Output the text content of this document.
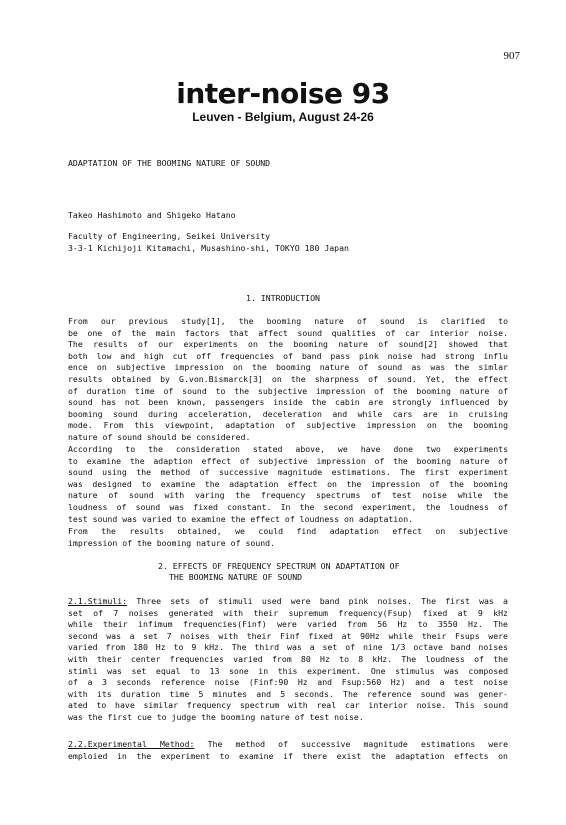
907
inter-noise 93
Leuven - Belgium, August 24-26
ADAPTATION OF THE BOOMING NATURE OF SOUND
Takeo Hashimoto and Shigeko Hatano
Faculty of Engineering, Seikei University
3-3-1 Kichijoji Kitamachi, Musashino-shi, TOKYO 180 Japan
1. INTRODUCTION
From our previous study[1], the booming nature of sound is clarified to
be one of the main factors that affect sound qualities of car interior noise.
The results of our experiments on the booming nature of sound[2] showed that
both low and high cut off frequencies of band pass pink noise had strong influ
ence on subjective impression on the booming nature of sound as was the simlar
results obtained by G.von.Bismarck[3] on the sharpness of sound. Yet, the effect
of duration time of sound to the subjective impression of the booming nature of
sound has not been known, passengers inside the cabin are strongly influenced by
booming sound during acceleration, deceleration and while cars are in cruising
mode. From this viewpoint, adaptation of subjective impression on the booming
nature of sound should be considered.
According to the consideration stated above, we have done two experiments
to examine the adaption effect of subjective impression of the booming nature of
sound using the method of successive magnitude estimations. The first experiment
was designed to examine the adaptation effect on the impression of the booming
nature of sound with varing the frequency spectrums of test noise while the
loudness of sound was fixed constant. In the second experiment, the loudness of
test sound was varied to examine the effect of loudness on adaptation.
From the results obtained, we could find adaptation effect on subjective
impression of the booming nature of sound.
2. EFFECTS OF FREQUENCY SPECTRUM ON ADAPTATION OF
THE BOOMING NATURE OF SOUND
2.1.Stimuli: Three sets of stimuli used were band pink noises. The first was a
set of 7 noises generated with their supremum frequency(Fsup) fixed at 9 kHz
while their infimum frequencies(Finf) were varied from 56 Hz to 3550 Hz. The
second was a set 7 noises with their Finf fixed at 90Hz while their Fsups were
varied from 180 Hz to 9 kHz. The third was a set of nine 1/3 octave band noises
with their center frequencies varied from 80 Hz to 8 kHz. The loudness of the
stimli was set equal to 13 sone in this experiment. One stimulus was composed
of a 3 seconds reference noise (Finf:90 Hz and Fsup:560 Hz) and a test noise
with its duration time 5 minutes and 5 seconds. The reference sound was gener-
ated to have similar frequency spectrum with real car interior noise. This sound
was the first cue to judge the booming nature of test noise.
2.2.Experimental Method: The method of successive magnitude estimations were
emploied in the experiment to examine if there exist the adaptation effects on
